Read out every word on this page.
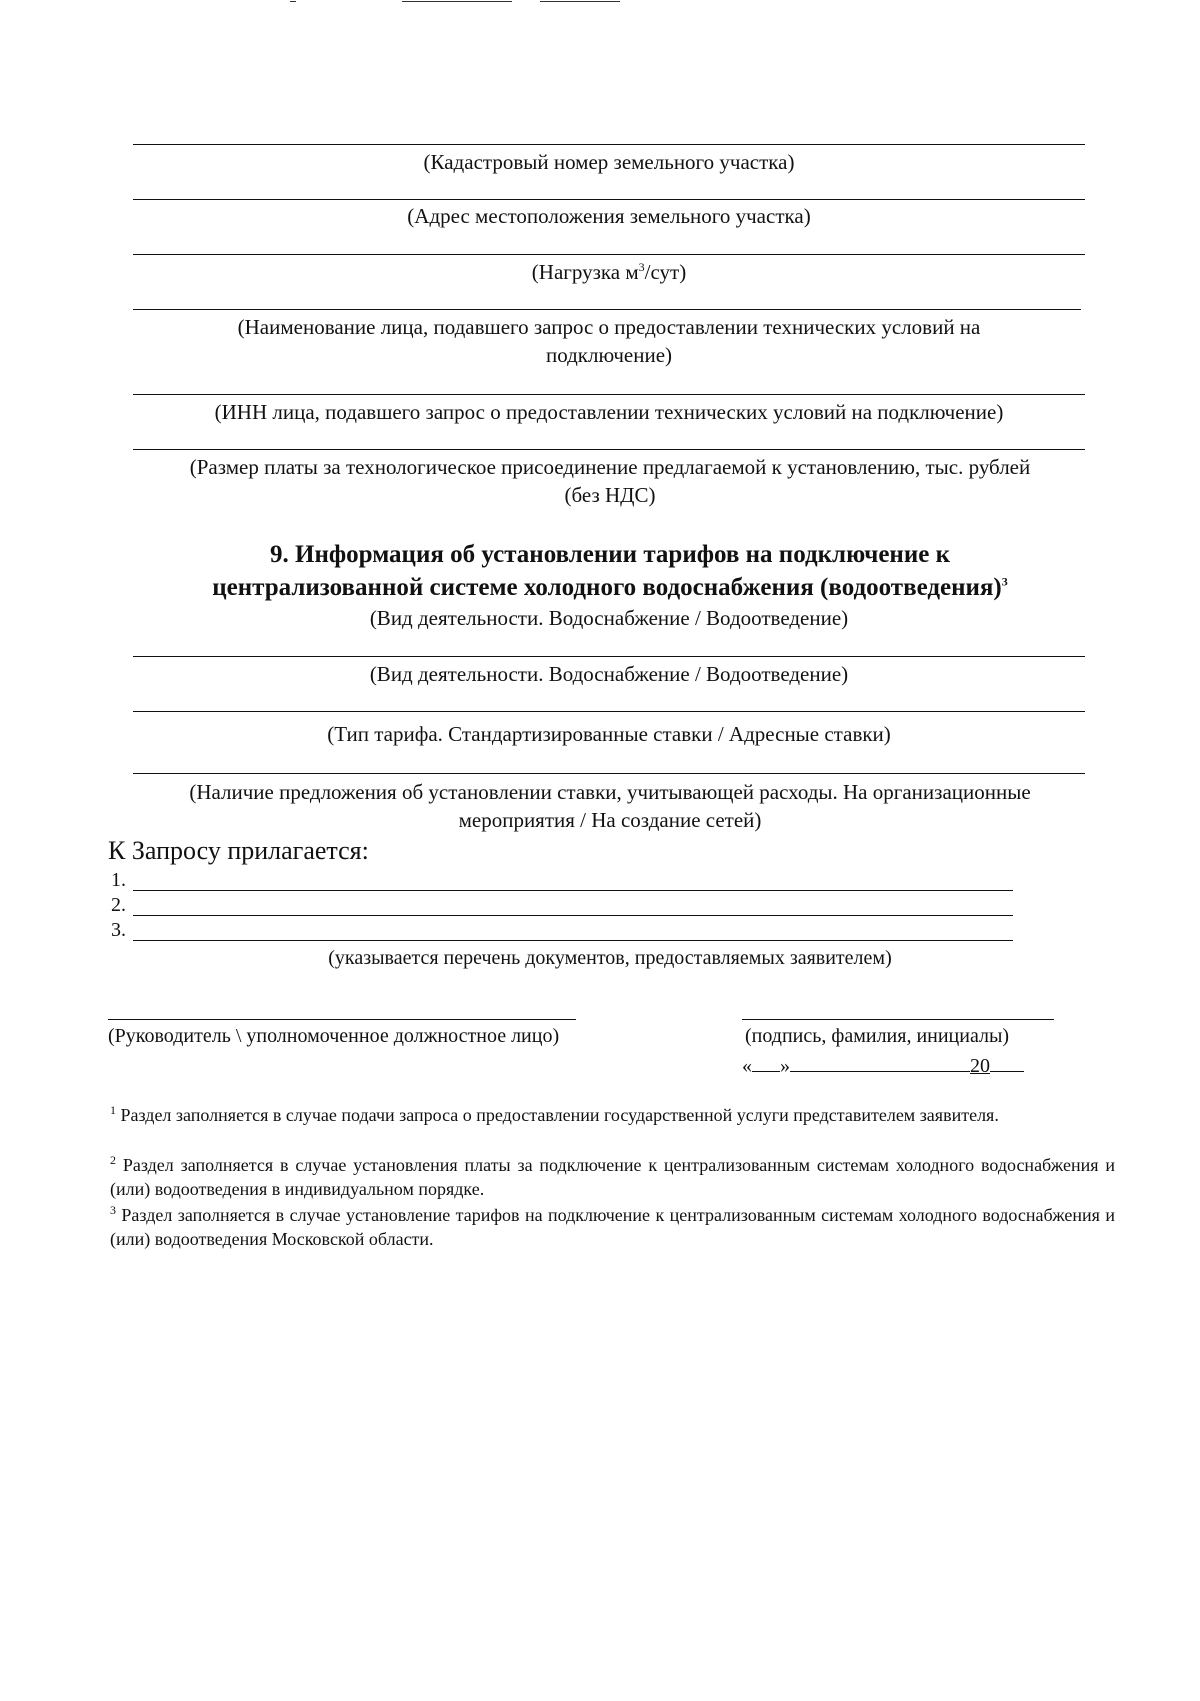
(Кадастровый номер земельного участка)
(Адрес местоположения земельного участка)
(Нагрузка $м^3/сут$)
(Наименование лица, подавшего запрос о предоставлении технических условий на
подключение)
(ИНН лица, подавшего запрос о предоставлении технических условий на подключение)
(Размер платы за технологическое присоединение предлагаемой к установлению, тыс. рублей
(без НДС)
9. Информация об установлении тарифов на подключение к
централизованной системе холодного водоснабжения (водоотведения)$^3$
(Вид деятельности. Водоснабжение / Водоотведение)
(Вид деятельности. Водоснабжение / Водоотведение)
(Тип тарифа. Стандартизированные ставки / Адресные ставки)
(Наличие предложения об установлении ставки, учитывающей расходы. На организационные
мероприятия / На создание сетей)
К Запросу прилагается:
1.
2.
3.
(указывается перечень документов, предоставляемых заявителем)
(Руководитель \ уполномоченное должностное лицо)	(подпись, фамилия, инициалы)
« »	20
$^1$ Раздел заполняется в случае подачи запроса о предоставлении государственной услуги представителем заявителя.
$^2$ Раздел заполняется в случае установления платы за подключение к централизованным системам холодного водоснабжения и (или) водоотведения в индивидуальном порядке.
$^3$ Раздел заполняется в случае установление тарифов на подключение к централизованным системам холодного водоснабжения и (или) водоотведения Московской области.
